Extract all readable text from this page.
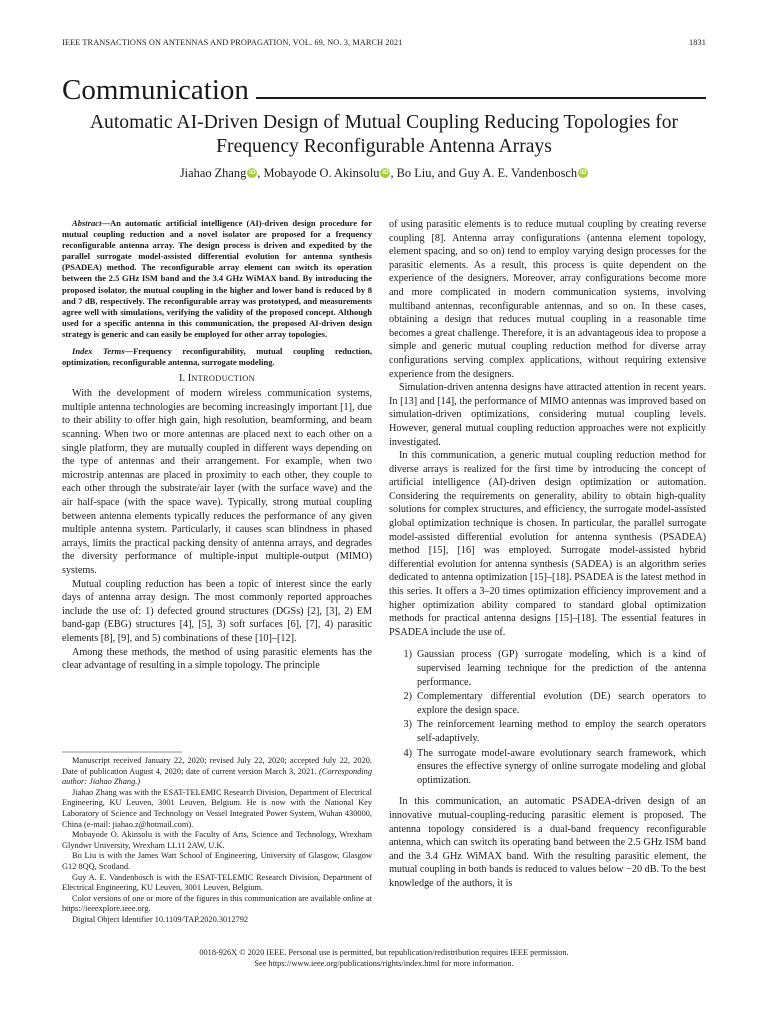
IEEE TRANSACTIONS ON ANTENNAS AND PROPAGATION, VOL. 69, NO. 3, MARCH 2021	1831
Communication
Automatic AI-Driven Design of Mutual Coupling Reducing Topologies for Frequency Reconfigurable Antenna Arrays
Jiahao Zhang iD , Mobayode O. Akinsolu iD , Bo Liu, and Guy A. E. Vandenbosch iD

Abstract—An automatic artificial intelligence (AI)-driven design procedure for mutual coupling reduction and a novel isolator are proposed for a frequency reconfigurable antenna array. The design process is driven and expedited by the parallel surrogate model-assisted differential evolution for antenna synthesis (PSADEA) method. The reconfigurable array element can switch its operation between the 2.5 GHz ISM band and the 3.4 GHz WiMAX band. By introducing the proposed isolator, the mutual coupling in the higher and lower band is reduced by 8 and 7 dB, respectively. The reconfigurable array was prototyped, and measurements agree well with simulations, verifying the validity of the proposed concept. Although used for a specific antenna in this communication, the proposed AI-driven design strategy is generic and can easily be employed for other array topologies.

Index Terms—Frequency reconfigurability, mutual coupling reduction, optimization, reconfigurable antenna, surrogate modeling.

I. INTRODUCTION

With the development of modern wireless communication systems, multiple antenna technologies are becoming increasingly important [1], due to their ability to offer high gain, high resolution, beamforming, and beam scanning. When two or more antennas are placed next to each other on a single platform, they are mutually coupled in different ways depending on the type of antennas and their arrangement. For example, when two microstrip antennas are placed in proximity to each other, they couple to each other through the substrate/air layer (with the surface wave) and the air half-space (with the space wave). Typically, strong mutual coupling between antenna elements typically reduces the performance of any given multiple antenna system. Particularly, it causes scan blindness in phased arrays, limits the practical packing density of antenna arrays, and degrades the diversity performance of multiple-input multiple-output (MIMO) systems.

Mutual coupling reduction has been a topic of interest since the early days of antenna array design. The most commonly reported approaches include the use of: 1) defected ground structures (DGSs) [2], [3], 2) EM band-gap (EBG) structures [4], [5], 3) soft surfaces [6], [7], 4) parasitic elements [8], [9], and 5) combinations of these [10]–[12].

Among these methods, the method of using parasitic elements has the clear advantage of resulting in a simple topology. The principle

Manuscript received January 22, 2020; revised July 22, 2020; accepted July 22, 2020. Date of publication August 4, 2020; date of current version March 3, 2021. (Corresponding author: Jiahao Zhang.)

Jiahao Zhang was with the ESAT-TELEMIC Research Division, Department of Electrical Engineering, KU Leuven, 3001 Leuven, Belgium. He is now with the National Key Laboratory of Science and Technology on Vessel Integrated Power System, Wuhan 430000, China (e-mail: jiahao.z@hotmail.com).

Mobayode O. Akinsolu is with the Faculty of Arts, Science and Technology, Wrexham Glyndwr University, Wrexham LL11 2AW, U.K.

Bo Liu is with the James Watt School of Engineering, University of Glasgow, Glasgow G12 8QQ, Scotland.

Guy A. E. Vandenbosch is with the ESAT-TELEMIC Research Division, Department of Electrical Engineering, KU Leuven, 3001 Leuven, Belgium.

Color versions of one or more of the figures in this communication are available online at https://ieeexplore.ieee.org.

Digital Object Identifier 10.1109/TAP.2020.3012792

of using parasitic elements is to reduce mutual coupling by creating reverse coupling [8]. Antenna array configurations (antenna element topology, element spacing, and so on) tend to employ varying design processes for the parasitic elements. As a result, this process is quite dependent on the experience of the designers. Moreover, array configurations become more and more complicated in modern communication systems, involving multiband antennas, reconfigurable antennas, and so on. In these cases, obtaining a design that reduces mutual coupling in a reasonable time becomes a great challenge. Therefore, it is an advantageous idea to propose a simple and generic mutual coupling reduction method for diverse array configurations serving complex applications, without requiring extensive experience from the designers.

Simulation-driven antenna designs have attracted attention in recent years. In [13] and [14], the performance of MIMO antennas was improved based on simulation-driven optimizations, considering mutual coupling levels. However, general mutual coupling reduction approaches were not explicitly investigated.

In this communication, a generic mutual coupling reduction method for diverse arrays is realized for the first time by introducing the concept of artificial intelligence (AI)-driven design optimization or automation. Considering the requirements on generality, ability to obtain high-quality solutions for complex structures, and efficiency, the surrogate model-assisted global optimization technique is chosen. In particular, the parallel surrogate model-assisted differential evolution for antenna synthesis (PSADEA) method [15], [16] was employed. Surrogate model-assisted hybrid differential evolution for antenna synthesis (SADEA) is an algorithm series dedicated to antenna optimization [15]–[18]. PSADEA is the latest method in this series. It offers a 3–20 times optimization efficiency improvement and a higher optimization ability compared to standard global optimization methods for practical antenna designs [15]–[18]. The essential features in PSADEA include the use of.

1) Gaussian process (GP) surrogate modeling, which is a kind of supervised learning technique for the prediction of the antenna performance.
2) Complementary differential evolution (DE) search operators to explore the design space.
3) The reinforcement learning method to employ the search operators self-adaptively.
4) The surrogate model-aware evolutionary search framework, which ensures the effective synergy of online surrogate modeling and global optimization.

In this communication, an automatic PSADEA-driven design of an innovative mutual-coupling-reducing parasitic element is proposed. The antenna topology considered is a dual-band frequency reconfigurable antenna, which can switch its operating band between the 2.5 GHz ISM band and the 3.4 GHz WiMAX band. With the resulting parasitic element, the mutual coupling in both bands is reduced to values below −20 dB. To the best knowledge of the authors, it is

0018-926X © 2020 IEEE. Personal use is permitted, but republication/redistribution requires IEEE permission.
See https://www.ieee.org/publications/rights/index.html for more information.
